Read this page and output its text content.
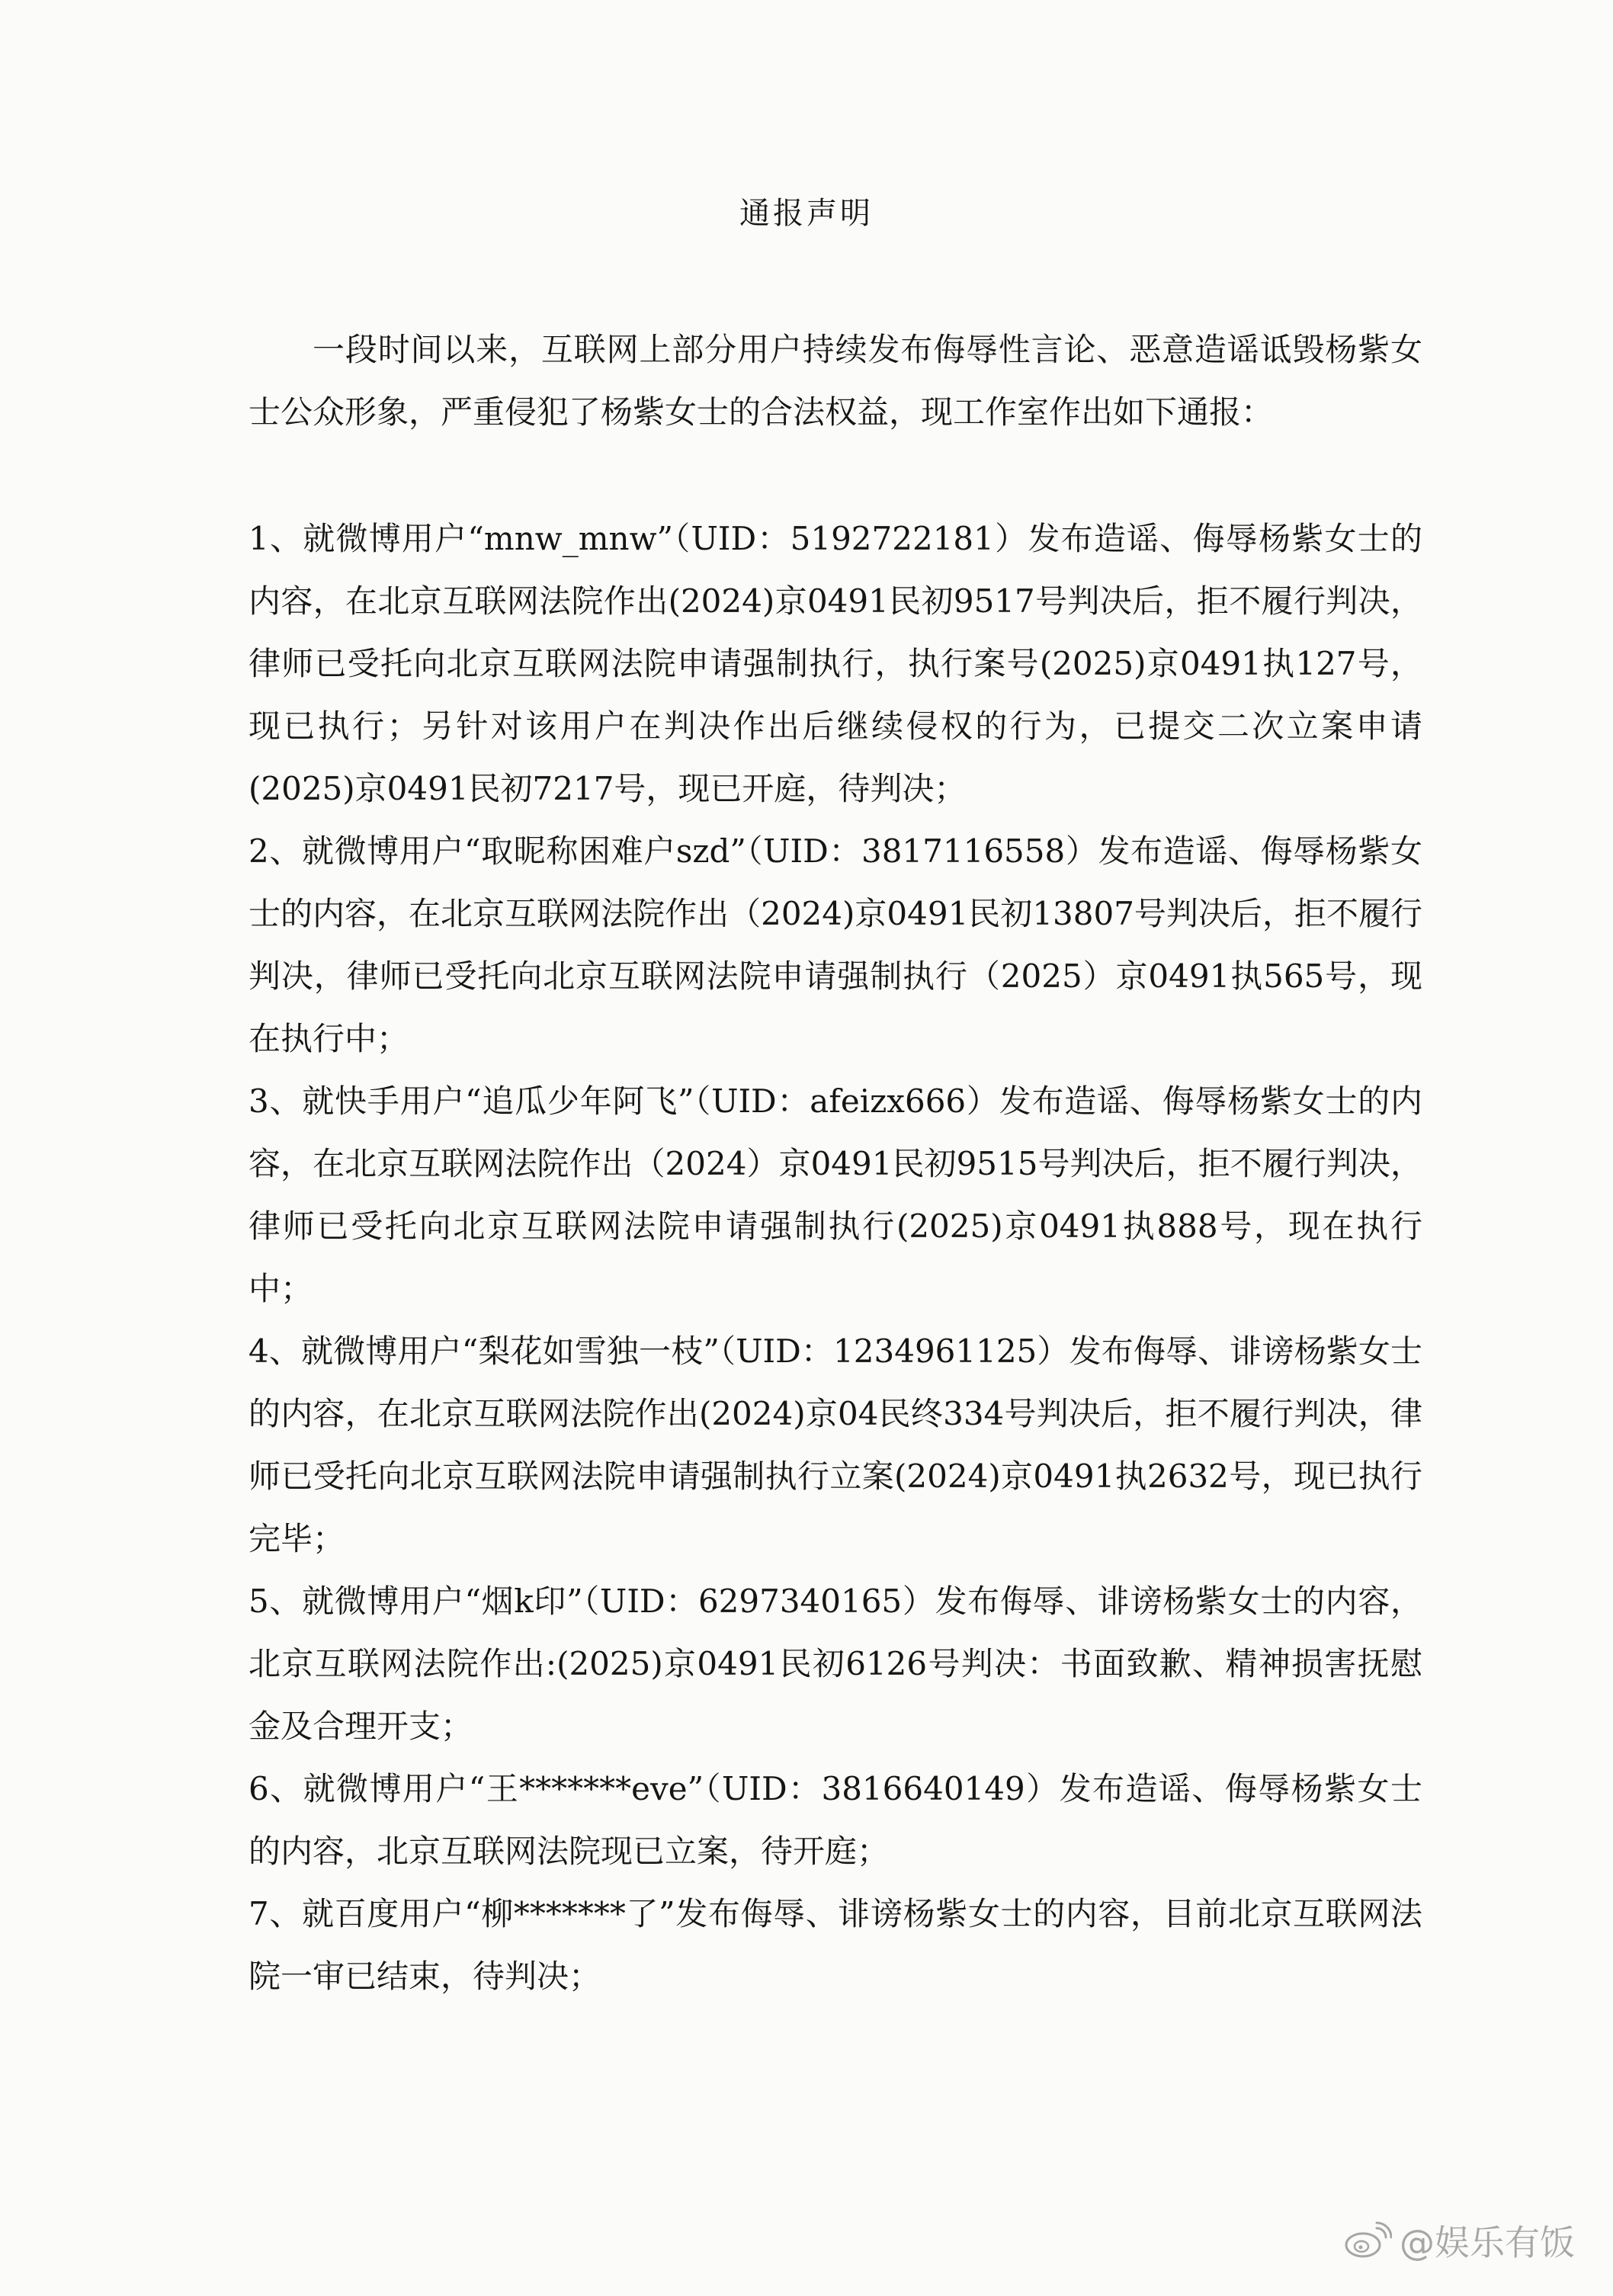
通报声明

一段时间以来，互联网上部分用户持续发布侮辱性言论、恶意造谣诋毁杨紫女士公众形象，严重侵犯了杨紫女士的合法权益，现工作室作出如下通报：

1、就微博用户“mnw_mnw”（UID：5192722181）发布造谣、侮辱杨紫女士的内容，在北京互联网法院作出(2024)京0491民初9517号判决后，拒不履行判决，律师已受托向北京互联网法院申请强制执行，执行案号(2025)京0491执127号，现已执行；另针对该用户在判决作出后继续侵权的行为，已提交二次立案申请(2025)京0491民初7217号，现已开庭，待判决；

2、就微博用户“取昵称困难户szd”（UID：3817116558）发布造谣、侮辱杨紫女士的内容，在北京互联网法院作出（2024)京0491民初13807号判决后，拒不履行判决，律师已受托向北京互联网法院申请强制执行（2025）京0491执565号，现在执行中；

3、就快手用户“追瓜少年阿飞”（UID：afeizx666）发布造谣、侮辱杨紫女士的内容，在北京互联网法院作出（2024）京0491民初9515号判决后，拒不履行判决，律师已受托向北京互联网法院申请强制执行(2025)京0491执888号，现在执行中；

4、就微博用户“梨花如雪独一枝”（UID：1234961125）发布侮辱、诽谤杨紫女士的内容，在北京互联网法院作出(2024)京04民终334号判决后，拒不履行判决，律师已受托向北京互联网法院申请强制执行立案(2024)京0491执2632号，现已执行完毕；

5、就微博用户“烟k印”（UID：6297340165）发布侮辱、诽谤杨紫女士的内容，北京互联网法院作出:(2025)京0491民初6126号判决：书面致歉、精神损害抚慰金及合理开支；

6、就微博用户“王*******eve”（UID：3816640149）发布造谣、侮辱杨紫女士的内容，北京互联网法院现已立案，待开庭；

7、就百度用户“柳*******了”发布侮辱、诽谤杨紫女士的内容，目前北京互联网法院一审已结束，待判决；

@娱乐有饭
